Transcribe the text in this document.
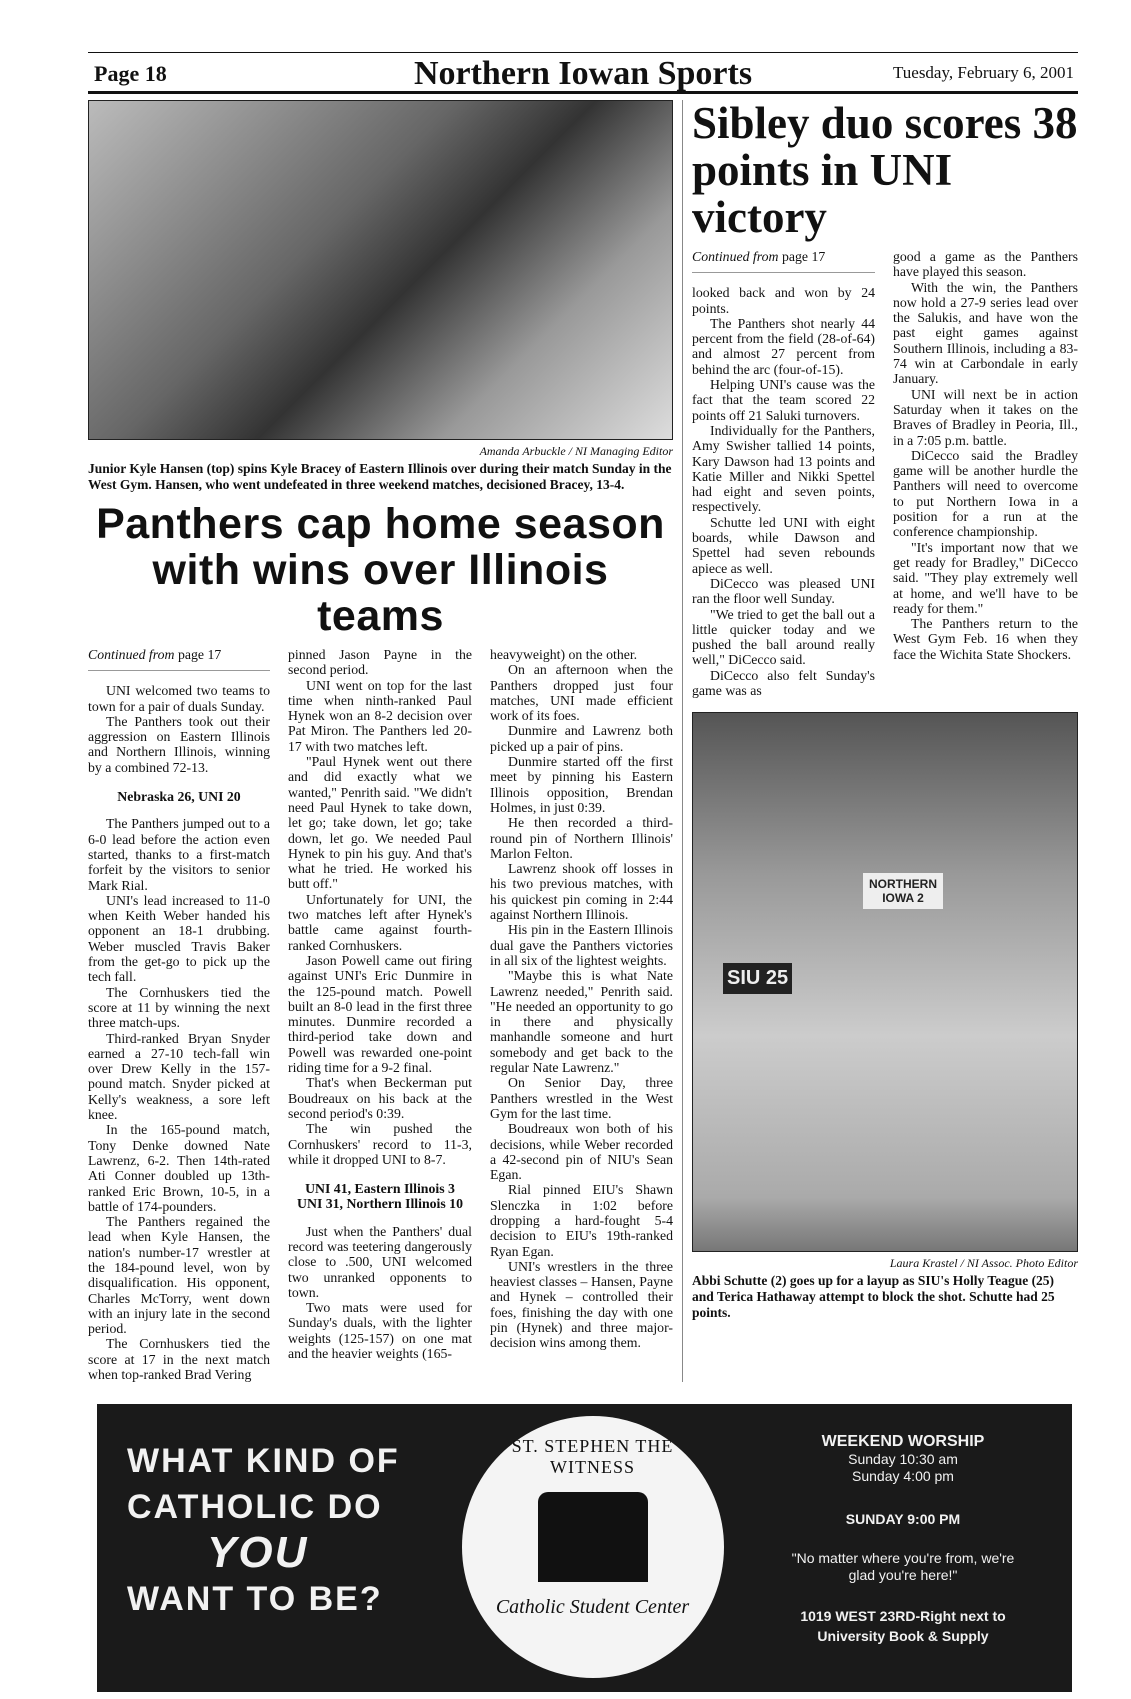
Page 18	Northern Iowan Sports	Tuesday, February 6, 2001
Amanda Arbuckle / NI Managing Editor
Junior Kyle Hansen (top) spins Kyle Bracey of Eastern Illinois over during their match Sunday in the West Gym. Hansen, who went undefeated in three weekend matches, decisioned Bracey, 13-4.
Panthers cap home season with wins over Illinois teams

Continued from page 17

UNI welcomed two teams to town for a pair of duals Sunday.

The Panthers took out their aggression on Eastern Illinois and Northern Illinois, winning by a combined 72-13.

Nebraska 26, UNI 20

The Panthers jumped out to a 6-0 lead before the action even started, thanks to a first-match forfeit by the visitors to senior Mark Rial.

UNI's lead increased to 11-0 when Keith Weber handed his opponent an 18-1 drubbing. Weber muscled Travis Baker from the get-go to pick up the tech fall.

The Cornhuskers tied the score at 11 by winning the next three match-ups.

Third-ranked Bryan Snyder earned a 27-10 tech-fall win over Drew Kelly in the 157-pound match. Snyder picked at Kelly's weakness, a sore left knee.

In the 165-pound match, Tony Denke downed Nate Lawrenz, 6-2. Then 14th-rated Ati Conner doubled up 13th-ranked Eric Brown, 10-5, in a battle of 174-pounders.

The Panthers regained the lead when Kyle Hansen, the nation's number-17 wrestler at the 184-pound level, won by disqualification. His opponent, Charles McTorry, went down with an injury late in the second period.

The Cornhuskers tied the score at 17 in the next match when top-ranked Brad Vering

pinned Jason Payne in the second period.

UNI went on top for the last time when ninth-ranked Paul Hynek won an 8-2 decision over Pat Miron. The Panthers led 20-17 with two matches left.

"Paul Hynek went out there and did exactly what we wanted," Penrith said. "We didn't need Paul Hynek to take down, let go; take down, let go; take down, let go. We needed Paul Hynek to pin his guy. And that's what he tried. He worked his butt off."

Unfortunately for UNI, the two matches left after Hynek's battle came against fourth-ranked Cornhuskers.

Jason Powell came out firing against UNI's Eric Dunmire in the 125-pound match. Powell built an 8-0 lead in the first three minutes. Dunmire recorded a third-period take down and Powell was rewarded one-point riding time for a 9-2 final.

That's when Beckerman put Boudreaux on his back at the second period's 0:39.

The win pushed the Cornhuskers' record to 11-3, while it dropped UNI to 8-7.

UNI 41, Eastern Illinois 3

UNI 31, Northern Illinois 10

Just when the Panthers' dual record was teetering dangerously close to .500, UNI welcomed two unranked opponents to town.

Two mats were used for Sunday's duals, with the lighter weights (125-157) on one mat and the heavier weights (165-

heavyweight) on the other.

On an afternoon when the Panthers dropped just four matches, UNI made efficient work of its foes.

Dunmire and Lawrenz both picked up a pair of pins.

Dunmire started off the first meet by pinning his Eastern Illinois opposition, Brendan Holmes, in just 0:39.

He then recorded a third-round pin of Northern Illinois' Marlon Felton.

Lawrenz shook off losses in his two previous matches, with his quickest pin coming in 2:44 against Northern Illinois.

His pin in the Eastern Illinois dual gave the Panthers victories in all six of the lightest weights.

"Maybe this is what Nate Lawrenz needed," Penrith said. "He needed an opportunity to go in there and physically manhandle someone and hurt somebody and get back to the regular Nate Lawrenz."

On Senior Day, three Panthers wrestled in the West Gym for the last time.

Boudreaux won both of his decisions, while Weber recorded a 42-second pin of NIU's Sean Egan.

Rial pinned EIU's Shawn Slenczka in 1:02 before dropping a hard-fought 5-4 decision to EIU's 19th-ranked Ryan Egan.

UNI's wrestlers in the three heaviest classes – Hansen, Payne and Hynek – controlled their foes, finishing the day with one pin (Hynek) and three major-decision wins among them.

Sibley duo scores 38 points in UNI victory

Continued from page 17

looked back and won by 24 points.

The Panthers shot nearly 44 percent from the field (28-of-64) and almost 27 percent from behind the arc (four-of-15).

Helping UNI's cause was the fact that the team scored 22 points off 21 Saluki turnovers.

Individually for the Panthers, Amy Swisher tallied 14 points, Kary Dawson had 13 points and Katie Miller and Nikki Spettel had eight and seven points, respectively.

Schutte led UNI with eight boards, while Dawson and Spettel had seven rebounds apiece as well.

DiCecco was pleased UNI ran the floor well Sunday.

"We tried to get the ball out a little quicker today and we pushed the ball around really well," DiCecco said.

DiCecco also felt Sunday's game was as

good a game as the Panthers have played this season.

With the win, the Panthers now hold a 27-9 series lead over the Salukis, and have won the past eight games against Southern Illinois, including a 83-74 win at Carbondale in early January.

UNI will next be in action Saturday when it takes on the Braves of Bradley in Peoria, Ill., in a 7:05 p.m. battle.

DiCecco said the Bradley game will be another hurdle the Panthers will need to overcome to put Northern Iowa in a position for a run at the conference championship.

"It's important now that we get ready for Bradley," DiCecco said. "They play extremely well at home, and we'll have to be ready for them."

The Panthers return to the West Gym Feb. 16 when they face the Wichita State Shockers.

SIU 25
NORTHERN IOWA 2
Laura Krastel / NI Assoc. Photo Editor
Abbi Schutte (2) goes up for a layup as SIU's Holly Teague (25) and Terica Hathaway attempt to block the shot. Schutte had 25 points.
WHAT KIND OF
CATHOLIC DO
YOU
WANT TO BE?
ST. STEPHEN THE WITNESS
Catholic Student Center
WEEKEND WORSHIP
Sunday 10:30 am
Sunday 4:00 pm
SUNDAY 9:00 PM
"No matter where you're from, we're glad you're here!"
1019 WEST 23RD-Right next to University Book & Supply
